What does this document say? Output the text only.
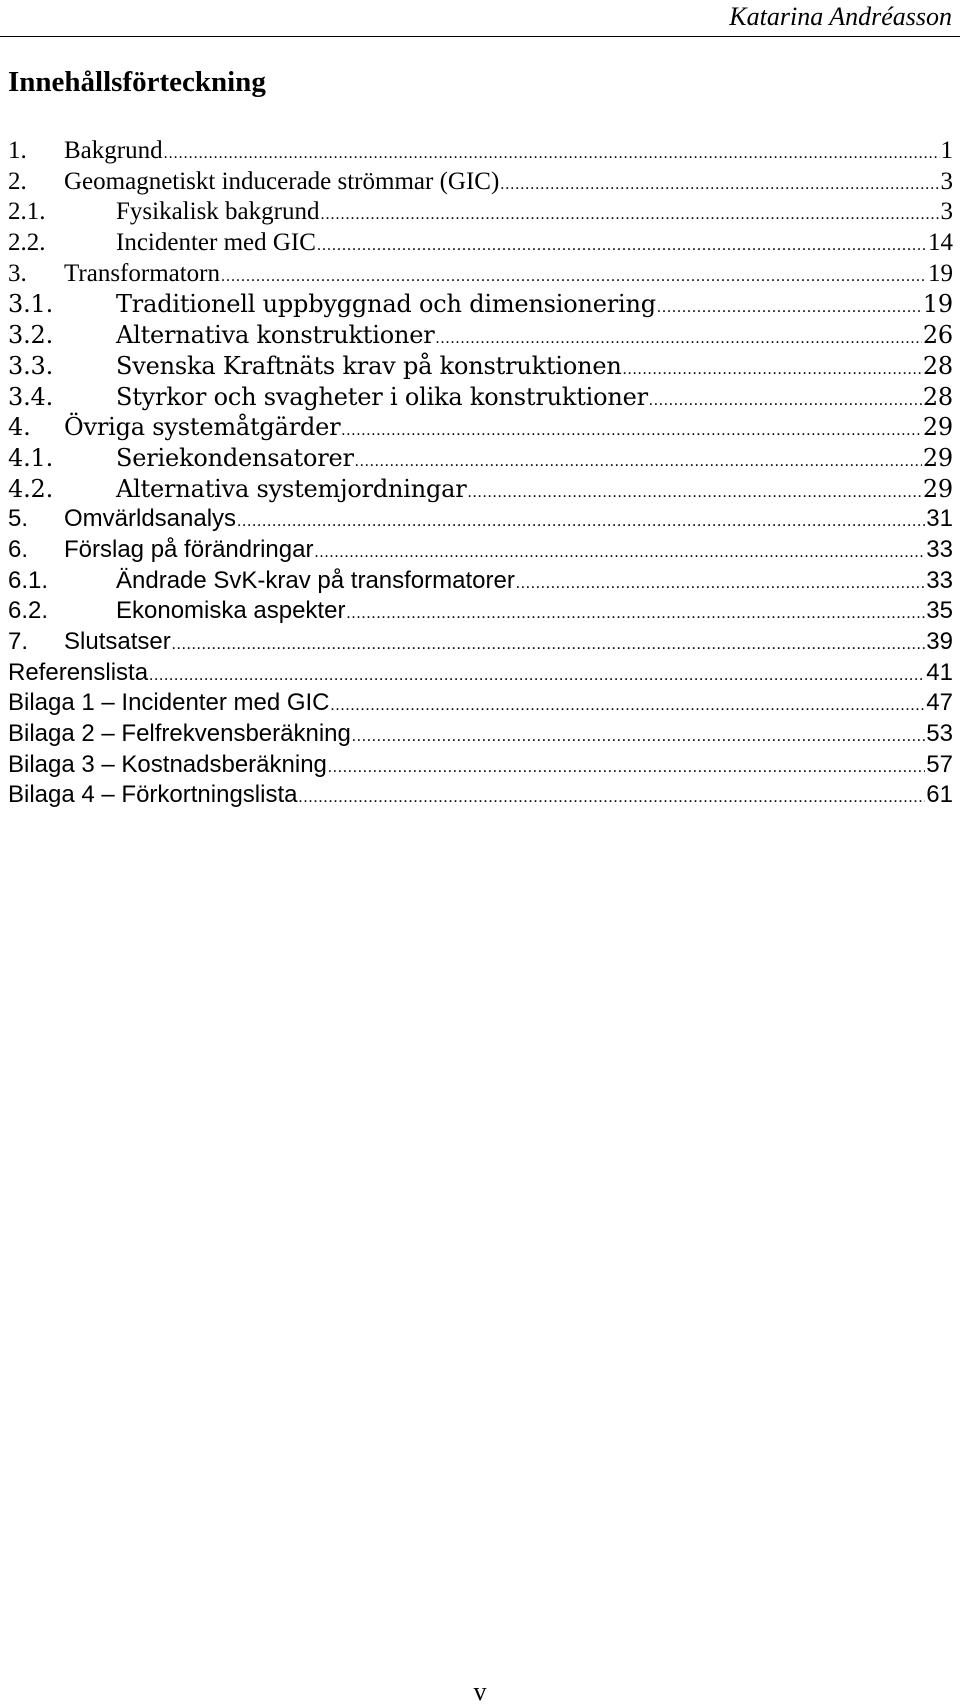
Katarina Andréasson
Innehållsförteckning
1.	Bakgrund .....	1
2.	Geomagnetiskt inducerade strömmar (GIC) .....	3
2.1.	Fysikalisk bakgrund .....	3
2.2.	Incidenter med GIC .....	14
3.	Transformatorn .....	19
3.1.	Traditionell uppbyggnad och dimensionering .....	19
3.2.	Alternativa konstruktioner .....	26
3.3.	Svenska Kraftnäts krav på konstruktionen .....	28
3.4.	Styrkor och svagheter i olika konstruktioner .....	28
4.	Övriga systemåtgärder .....	29
4.1.	Seriekondensatorer .....	29
4.2.	Alternativa systemjordningar .....	29
5.	Omvärldsanalys .....	31
6.	Förslag på förändringar .....	33
6.1.	Ändrade SvK-krav på transformatorer .....	33
6.2.	Ekonomiska aspekter .....	35
7.	Slutsatser .....	39
Referenslista .....	41
Bilaga 1 – Incidenter med GIC .....	47
Bilaga 2 – Felfrekvensberäkning .....	53
Bilaga 3 – Kostnadsberäkning .....	57
Bilaga 4 – Förkortningslista .....	61
v
